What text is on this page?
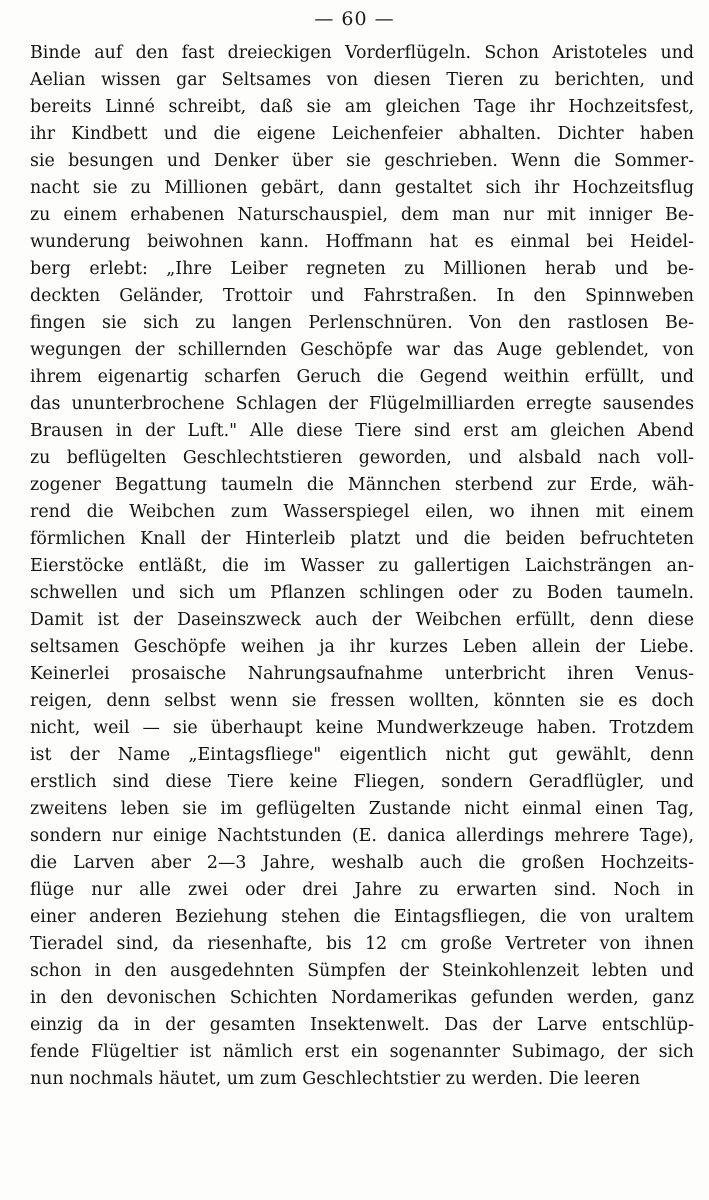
— 60 —
Binde auf den fast dreieckigen Vorderflügeln. Schon Aristoteles und
Aelian wissen gar Seltsames von diesen Tieren zu berichten, und
bereits Linné schreibt, daß sie am gleichen Tage ihr Hochzeitsfest,
ihr Kindbett und die eigene Leichenfeier abhalten. Dichter haben
sie besungen und Denker über sie geschrieben. Wenn die Sommer-
nacht sie zu Millionen gebärt, dann gestaltet sich ihr Hochzeitsflug
zu einem erhabenen Naturschauspiel, dem man nur mit inniger Be-
wunderung beiwohnen kann. Hoffmann hat es einmal bei Heidel-
berg erlebt: „Ihre Leiber regneten zu Millionen herab und be-
deckten Geländer, Trottoir und Fahrstraßen. In den Spinnweben
fingen sie sich zu langen Perlenschnüren. Von den rastlosen Be-
wegungen der schillernden Geschöpfe war das Auge geblendet, von
ihrem eigenartig scharfen Geruch die Gegend weithin erfüllt, und
das ununterbrochene Schlagen der Flügelmilliarden erregte sausendes
Brausen in der Luft." Alle diese Tiere sind erst am gleichen Abend
zu beflügelten Geschlechtstieren geworden, und alsbald nach voll-
zogener Begattung taumeln die Männchen sterbend zur Erde, wäh-
rend die Weibchen zum Wasserspiegel eilen, wo ihnen mit einem
förmlichen Knall der Hinterleib platzt und die beiden befruchteten
Eierstöcke entläßt, die im Wasser zu gallertigen Laichsträngen an-
schwellen und sich um Pflanzen schlingen oder zu Boden taumeln.
Damit ist der Daseinszweck auch der Weibchen erfüllt, denn diese
seltsamen Geschöpfe weihen ja ihr kurzes Leben allein der Liebe.
Keinerlei prosaische Nahrungsaufnahme unterbricht ihren Venus-
reigen, denn selbst wenn sie fressen wollten, könnten sie es doch
nicht, weil — sie überhaupt keine Mundwerkzeuge haben. Trotzdem
ist der Name „Eintagsfliege" eigentlich nicht gut gewählt, denn
erstlich sind diese Tiere keine Fliegen, sondern Geradflügler, und
zweitens leben sie im geflügelten Zustande nicht einmal einen Tag,
sondern nur einige Nachtstunden (E. danica allerdings mehrere Tage),
die Larven aber 2—3 Jahre, weshalb auch die großen Hochzeits-
flüge nur alle zwei oder drei Jahre zu erwarten sind. Noch in
einer anderen Beziehung stehen die Eintagsfliegen, die von uraltem
Tieradel sind, da riesenhafte, bis 12 cm große Vertreter von ihnen
schon in den ausgedehnten Sümpfen der Steinkohlenzeit lebten und
in den devonischen Schichten Nordamerikas gefunden werden, ganz
einzig da in der gesamten Insektenwelt. Das der Larve entschlüp-
fende Flügeltier ist nämlich erst ein sogenannter Subimago, der sich
nun nochmals häutet, um zum Geschlechtstier zu werden. Die leeren
